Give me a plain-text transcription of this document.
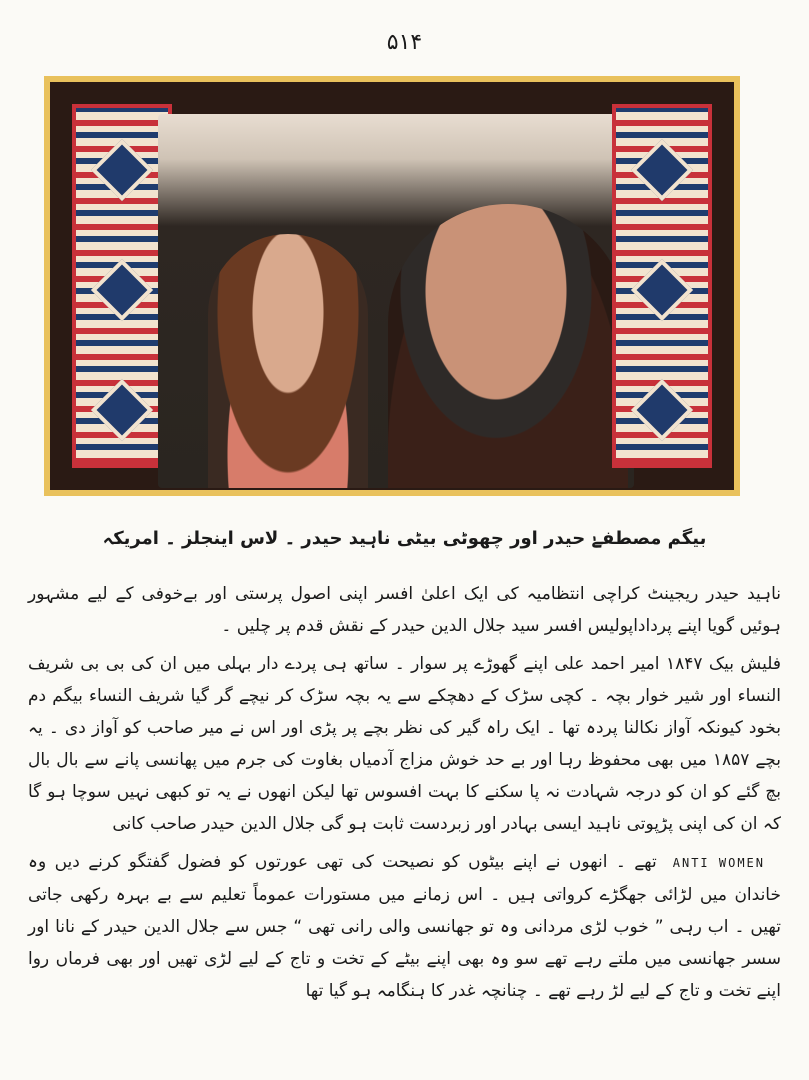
۵۱۴
بیگم مصطفےٰ حیدر اور چھوٹی بیٹی ناہید حیدر ۔ لاس اینجلز ۔ امریکہ

ناہید حیدر ریجینٹ کراچی انتظامیہ کی ایک اعلیٰ افسر اپنی اصول پرستی اور بےخوفی کے لیے مشہور ہوئیں گویا اپنے پرداداپولیس افسر سید جلال الدین حیدر کے نقش قدم پر چلیں ۔

فلیش بیک ۱۸۴۷ امیر احمد علی اپنے گھوڑے پر سوار ۔ ساتھ ہی پردے دار بہلی میں ان کی بی بی شریف النساء اور شیر خوار بچہ ۔ کچی سڑک کے دھچکے سے یہ بچہ سڑک کر نیچے گر گیا شریف النساء بیگم دم بخود کیونکہ آواز نکالنا پردہ تھا ۔ ایک راہ گیر کی نظر بچے پر پڑی اور اس نے میر صاحب کو آواز دی ۔ یہ بچے ۱۸۵۷ میں بھی محفوظ رہا اور بے حد خوش مزاج آدمیاں بغاوت کی جرم میں پھانسی پانے سے بال بال بچ گئے کو ان کو درجہ شہادت نہ پا سکنے کا بہت افسوس تھا لیکن انھوں نے یہ تو کبھی نہیں سوچا ہو گا کہ ان کی اپنی پڑپوتی ناہید ایسی بہادر اور زبردست ثابت ہو گی جلال الدین حیدر صاحب کانی

ANTI WOMENتھے ۔ انھوں نے اپنے بیٹوں کو نصیحت کی تھی عورتوں کو فضول گفتگو کرنے دیں وہ خاندان میں لڑائی جھگڑے کرواتی ہیں ۔ اس زمانے میں مستورات عموماً تعلیم سے بے بہرہ رکھی جاتی تھیں ۔ اب رہی ” خوب لڑی مردانی وہ تو جھانسی والی رانی تھی “ جس سے جلال الدین حیدر کے نانا اور سسر جھانسی میں ملتے رہے تھے سو وہ بھی اپنے بیٹے کے تخت و تاج کے لیے لڑی تھیں اور بھی فرماں روا اپنے تخت و تاج کے لیے لڑ رہے تھے ۔ چنانچہ غدر کا ہنگامہ ہو گیا تھا
